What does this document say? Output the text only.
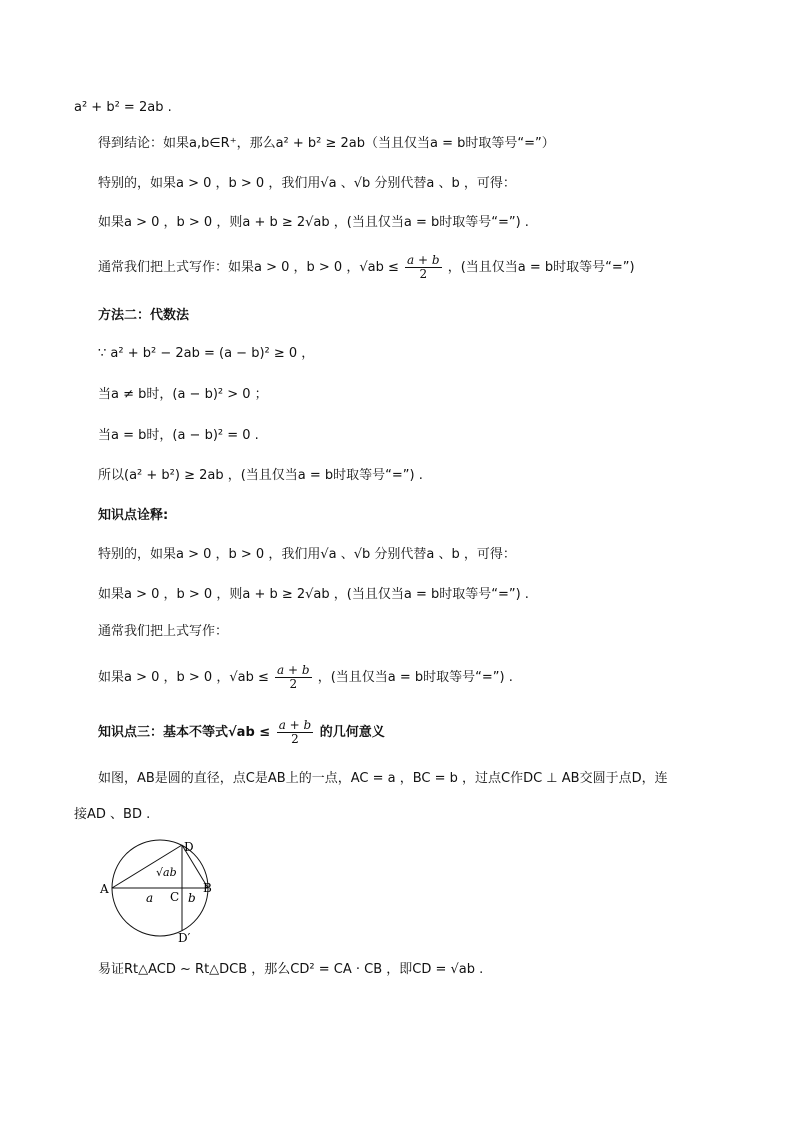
a² + b² = 2ab .
得到结论：如果a,b∈R⁺，那么a² + b² ≥ 2ab（当且仅当a = b时取等号“=”）
特别的，如果a > 0 ，b > 0 ，我们用√a 、√b 分别代替a 、b ，可得：
如果a > 0 ，b > 0 ，则a + b ≥ 2√ab ，(当且仅当a = b时取等号“=”) .
通常我们把上式写作：如果a > 0 ，b > 0 ，$√ab \le \frac{a + b}{2}$ ，(当且仅当a = b时取等号“=”)
方法二：代数法
∵ a² + b² − 2ab = (a − b)² ≥ 0 ，
当a ≠ b时，(a − b)² > 0 ；
当a = b时，(a − b)² = 0 .
所以(a² + b²) ≥ 2ab ，(当且仅当a = b时取等号“=”) .
知识点诠释:
特别的，如果a > 0 ，b > 0 ，我们用√a 、√b 分别代替a 、b ，可得：
如果a > 0 ，b > 0 ，则a + b ≥ 2√ab ，(当且仅当a = b时取等号“=”) .
通常我们把上式写作：
如果a > 0 ，b > 0 ，$√ab \le \frac{a + b}{2}$ ，(当且仅当a = b时取等号“=”) .
知识点三：基本不等式$√ab \le \frac{a + b}{2}$ 的几何意义
如图，AB是圆的直径，点C是AB上的一点，AC = a ，BC = b ，过点C作DC ⊥ AB交圆于点D，连
接AD 、BD .
A	B
C
D
D′
a	b
√ab
易证Rt△ACD ~ Rt△DCB ，那么CD² = CA · CB ，即CD = √ab .
